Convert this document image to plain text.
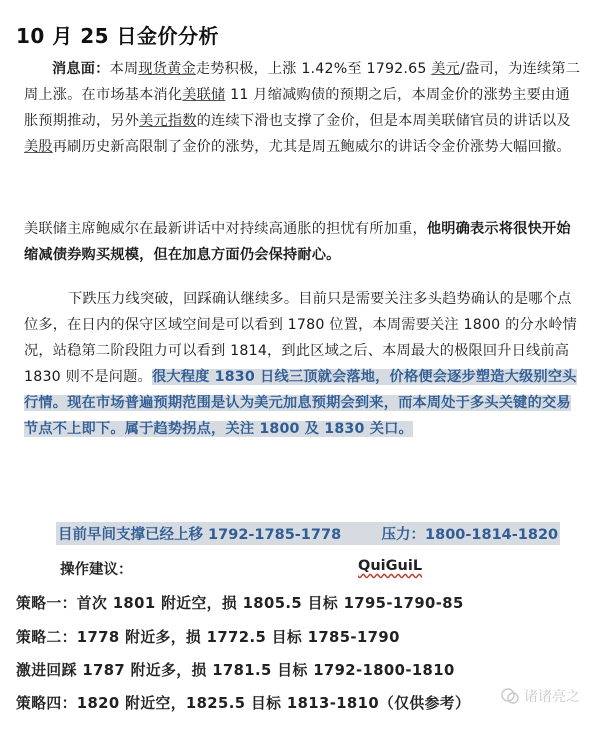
10 月 25 日金价分析
消息面：本周现货黄金走势积极，上涨 1.42%至 1792.65 美元/盎司，为连续第二周上涨。在市场基本消化美联储 11 月缩减购债的预期之后，本周金价的涨势主要由通胀预期推动，另外美元指数的连续下滑也支撑了金价，但是本周美联储官员的讲话以及美股再刷历史新高限制了金价的涨势，尤其是周五鲍威尔的讲话令金价涨势大幅回撤。
美联储主席鲍威尔在最新讲话中对持续高通胀的担忧有所加重，他明确表示将很快开始缩减债券购买规模，但在加息方面仍会保持耐心。
下跌压力线突破，回踩确认继续多。目前只是需要关注多头趋势确认的是哪个点位多，在日内的保守区域空间是可以看到 1780 位置，本周需要关注 1800 的分水岭情况，站稳第二阶段阻力可以看到 1814，到此区域之后、本周最大的极限回升日线前高 1830 则不是问题。很大程度 1830 日线三顶就会落地，价格便会逐步塑造大级别空头行情。现在市场普遍预期范围是认为美元加息预期会到来，而本周处于多头关键的交易节点不上即下。属于趋势拐点，关注 1800 及 1830 关口。
目前早间支撑已经上移 1792-1785-1778        压力：1800-1814-1820
操作建议：	QuiGuiL
策略一：首次 1801 附近空，损 1805.5 目标 1795-1790-85
策略二：1778 附近多，损 1772.5 目标 1785-1790
激进回踩 1787 附近多，损 1781.5 目标 1792-1800-1810
策略四：1820 附近空，1825.5 目标 1813-1810（仅供参考）	诸诸亮之
